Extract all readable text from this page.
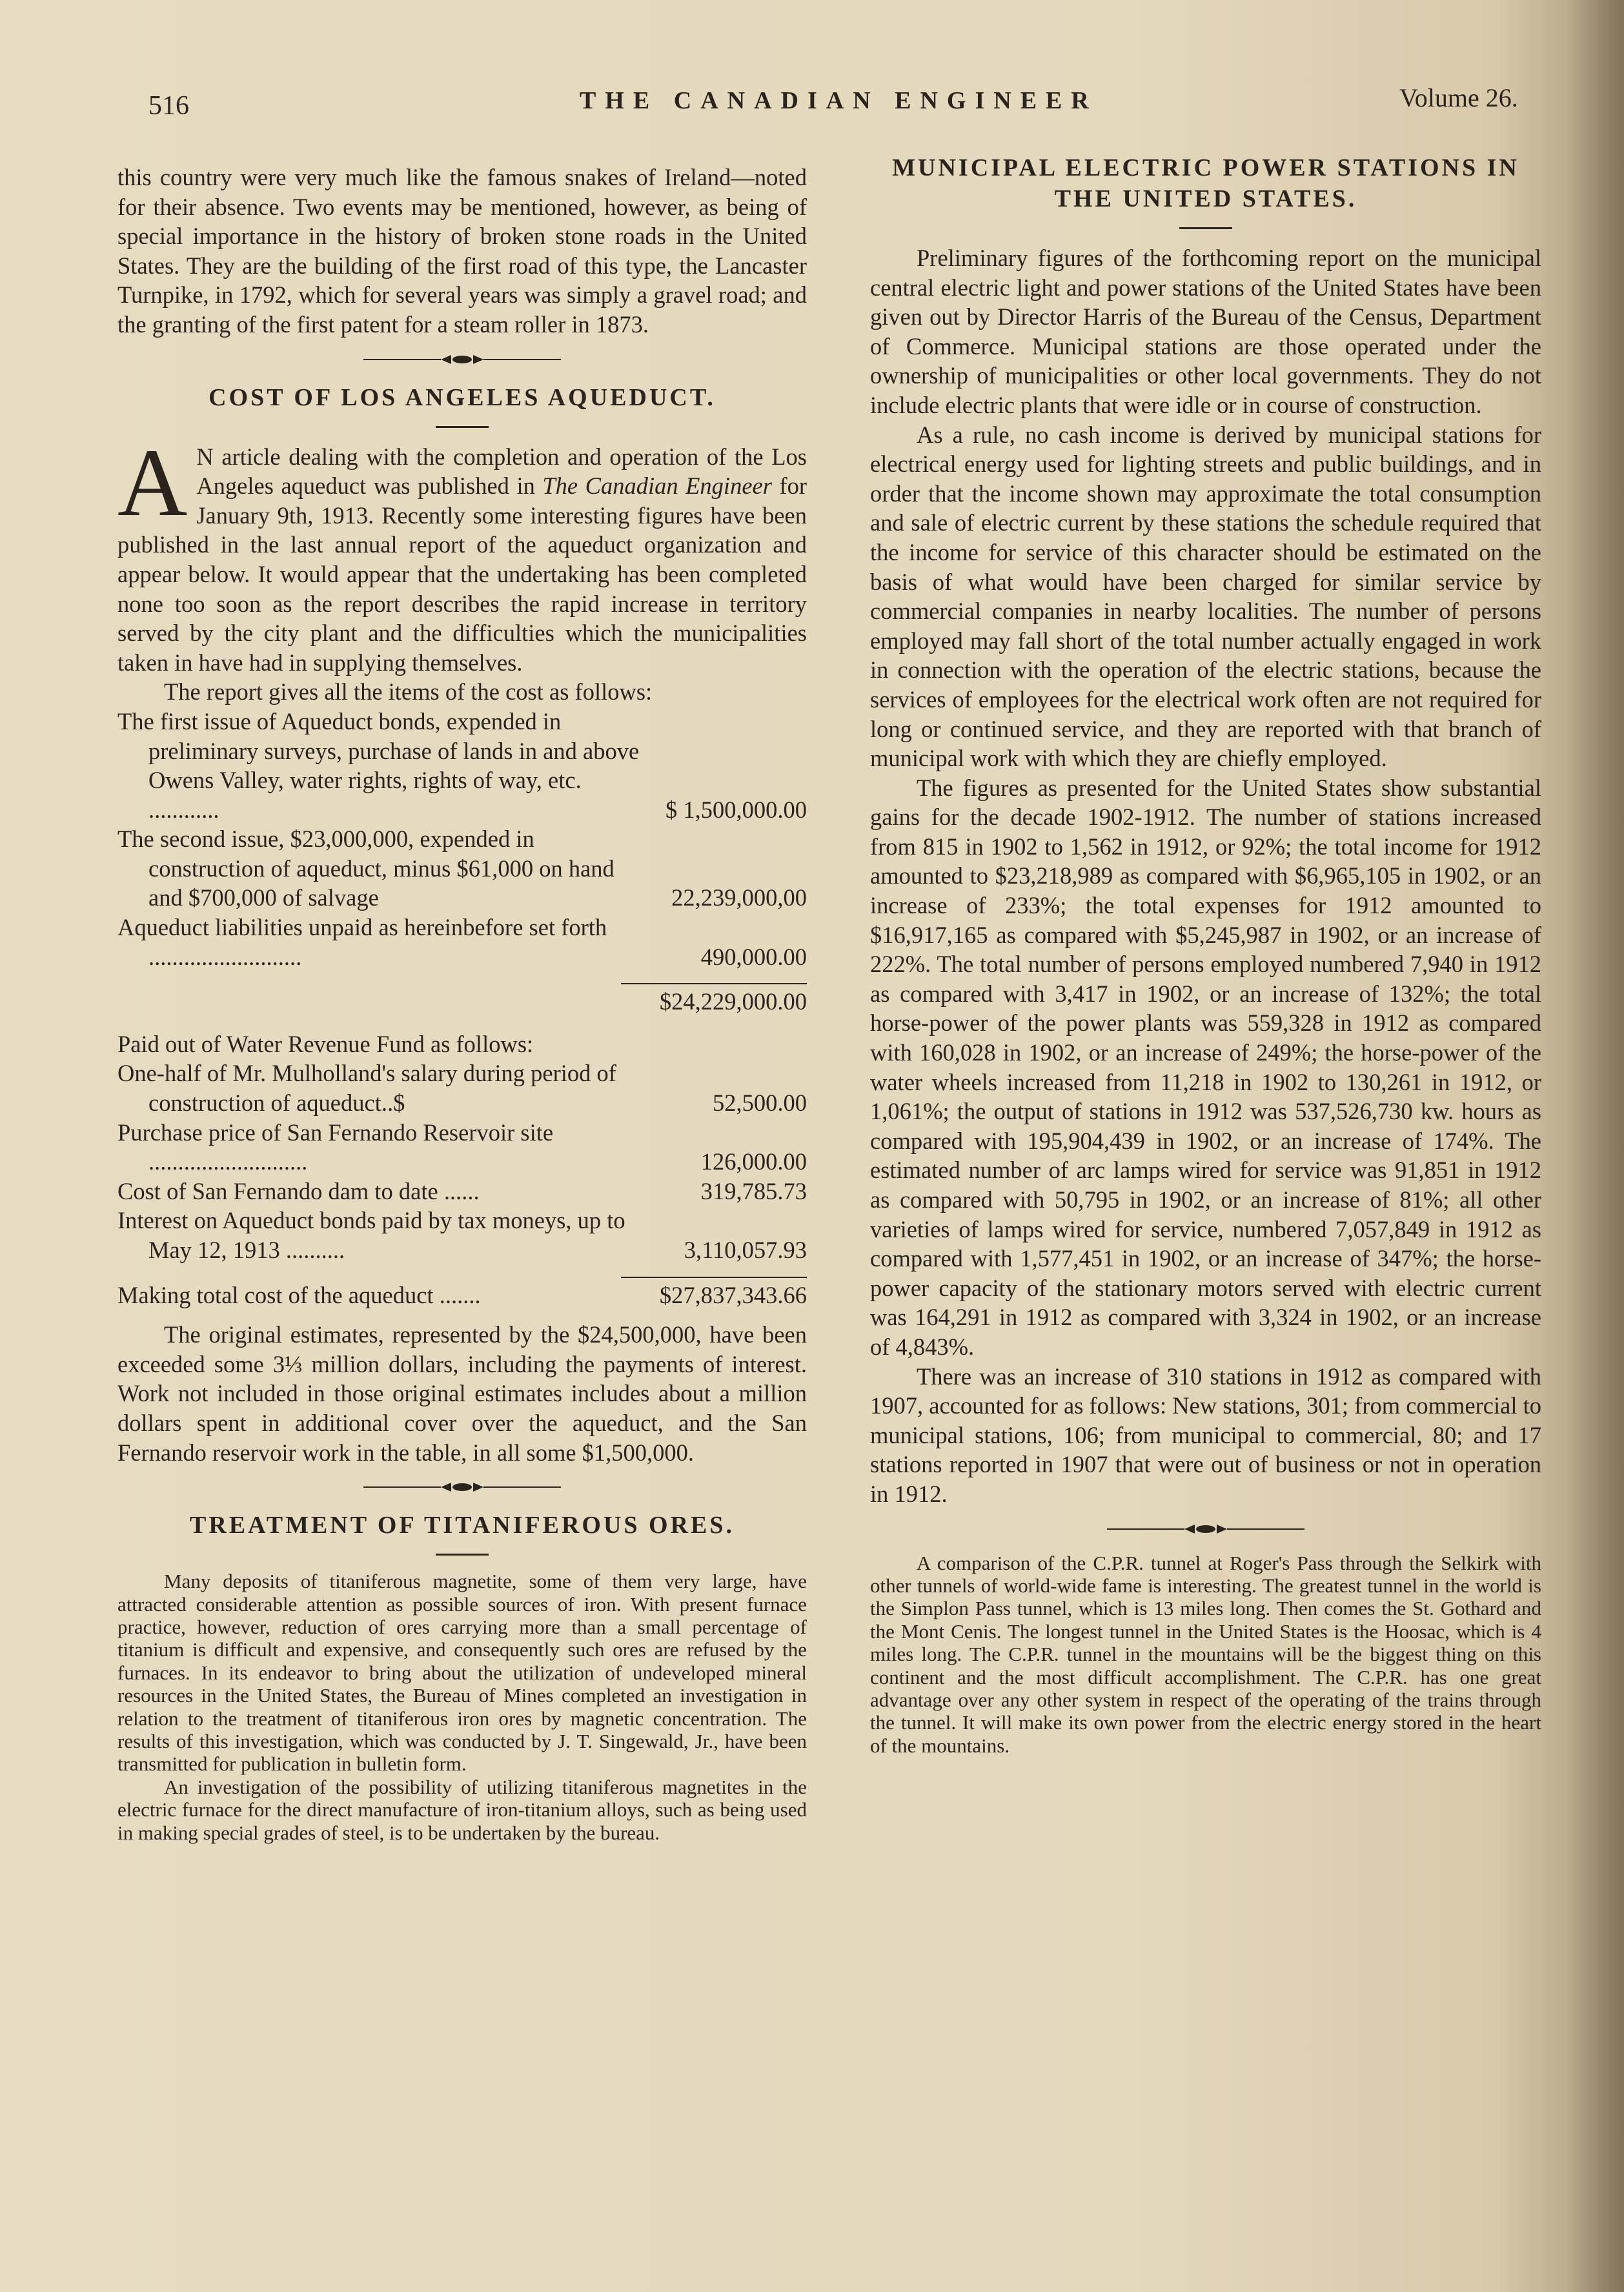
516	THE CANADIAN ENGINEER	Volume 26.

this country were very much like the famous snakes of Ireland—noted for their absence. Two events may be mentioned, however, as being of special importance in the history of broken stone roads in the United States. They are the building of the first road of this type, the Lancaster Turnpike, in 1792, which for several years was simply a gravel road; and the granting of the first patent for a steam roller in 1873.

COST OF LOS ANGELES AQUEDUCT.

A N article dealing with the completion and operation of the Los Angeles aqueduct was published in The Canadian Engineer for January 9th, 1913. Recently some interesting figures have been published in the last annual report of the aqueduct organization and appear below. It would appear that the undertaking has been completed none too soon as the report describes the rapid increase in territory served by the city plant and the difficulties which the municipalities taken in have had in supplying themselves.

The report gives all the items of the cost as follows:

The first issue of Aqueduct bonds, expended in preliminary surveys, purchase of lands in and above Owens Valley, water rights, rights of way, etc. ............	$ 1,500,000.00
The second issue, $23,000,000, expended in construction of aqueduct, minus $61,000 on hand and $700,000 of salvage	22,239,000,00
Aqueduct liabilities unpaid as hereinbefore set forth ..........................	490,000.00
$24,229,000.00
Paid out of Water Revenue Fund as follows:
One-half of Mr. Mulholland's salary during period of construction of aqueduct..$	52,500.00
Purchase price of San Fernando Reservoir site ...........................	126,000.00
Cost of San Fernando dam to date ......	319,785.73
Interest on Aqueduct bonds paid by tax moneys, up to May 12, 1913 ..........	3,110,057.93
Making total cost of the aqueduct .......	$27,837,343.66

The original estimates, represented by the $24,500,000, have been exceeded some 3⅓ million dollars, including the payments of interest. Work not included in those original estimates includes about a million dollars spent in additional cover over the aqueduct, and the San Fernando reservoir work in the table, in all some $1,500,000.

TREATMENT OF TITANIFEROUS ORES.

Many deposits of titaniferous magnetite, some of them very large, have attracted considerable attention as possible sources of iron. With present furnace practice, however, reduction of ores carrying more than a small percentage of titanium is difficult and expensive, and consequently such ores are refused by the furnaces. In its endeavor to bring about the utilization of undeveloped mineral resources in the United States, the Bureau of Mines completed an investigation in relation to the treatment of titaniferous iron ores by magnetic concentration. The results of this investigation, which was conducted by J. T. Singewald, Jr., have been transmitted for publication in bulletin form.

An investigation of the possibility of utilizing titaniferous magnetites in the electric furnace for the direct manufacture of iron-titanium alloys, such as being used in making special grades of steel, is to be undertaken by the bureau.

MUNICIPAL ELECTRIC POWER STATIONS IN
THE UNITED STATES.

Preliminary figures of the forthcoming report on the municipal central electric light and power stations of the United States have been given out by Director Harris of the Bureau of the Census, Department of Commerce. Municipal stations are those operated under the ownership of municipalities or other local governments. They do not include electric plants that were idle or in course of construction.

As a rule, no cash income is derived by municipal stations for electrical energy used for lighting streets and public buildings, and in order that the income shown may approximate the total consumption and sale of electric current by these stations the schedule required that the income for service of this character should be estimated on the basis of what would have been charged for similar service by commercial companies in nearby localities. The number of persons employed may fall short of the total number actually engaged in work in connection with the operation of the electric stations, because the services of employees for the electrical work often are not required for long or continued service, and they are reported with that branch of municipal work with which they are chiefly employed.

The figures as presented for the United States show substantial gains for the decade 1902-1912. The number of stations increased from 815 in 1902 to 1,562 in 1912, or 92%; the total income for 1912 amounted to $23,218,989 as compared with $6,965,105 in 1902, or an increase of 233%; the total expenses for 1912 amounted to $16,917,165 as compared with $5,245,987 in 1902, or an increase of 222%. The total number of persons employed numbered 7,940 in 1912 as compared with 3,417 in 1902, or an increase of 132%; the total horse-power of the power plants was 559,328 in 1912 as compared with 160,028 in 1902, or an increase of 249%; the horse-power of the water wheels increased from 11,218 in 1902 to 130,261 in 1912, or 1,061%; the output of stations in 1912 was 537,526,730 kw. hours as compared with 195,904,439 in 1902, or an increase of 174%. The estimated number of arc lamps wired for service was 91,851 in 1912 as compared with 50,795 in 1902, or an increase of 81%; all other varieties of lamps wired for service, numbered 7,057,849 in 1912 as compared with 1,577,451 in 1902, or an increase of 347%; the horse-power capacity of the stationary motors served with electric current was 164,291 in 1912 as compared with 3,324 in 1902, or an increase of 4,843%.

There was an increase of 310 stations in 1912 as compared with 1907, accounted for as follows: New stations, 301; from commercial to municipal stations, 106; from municipal to commercial, 80; and 17 stations reported in 1907 that were out of business or not in operation in 1912.

A comparison of the C.P.R. tunnel at Roger's Pass through the Selkirk with other tunnels of world-wide fame is interesting. The greatest tunnel in the world is the Simplon Pass tunnel, which is 13 miles long. Then comes the St. Gothard and the Mont Cenis. The longest tunnel in the United States is the Hoosac, which is 4 miles long. The C.P.R. tunnel in the mountains will be the biggest thing on this continent and the most difficult accomplishment. The C.P.R. has one great advantage over any other system in respect of the operating of the trains through the tunnel. It will make its own power from the electric energy stored in the heart of the mountains.
